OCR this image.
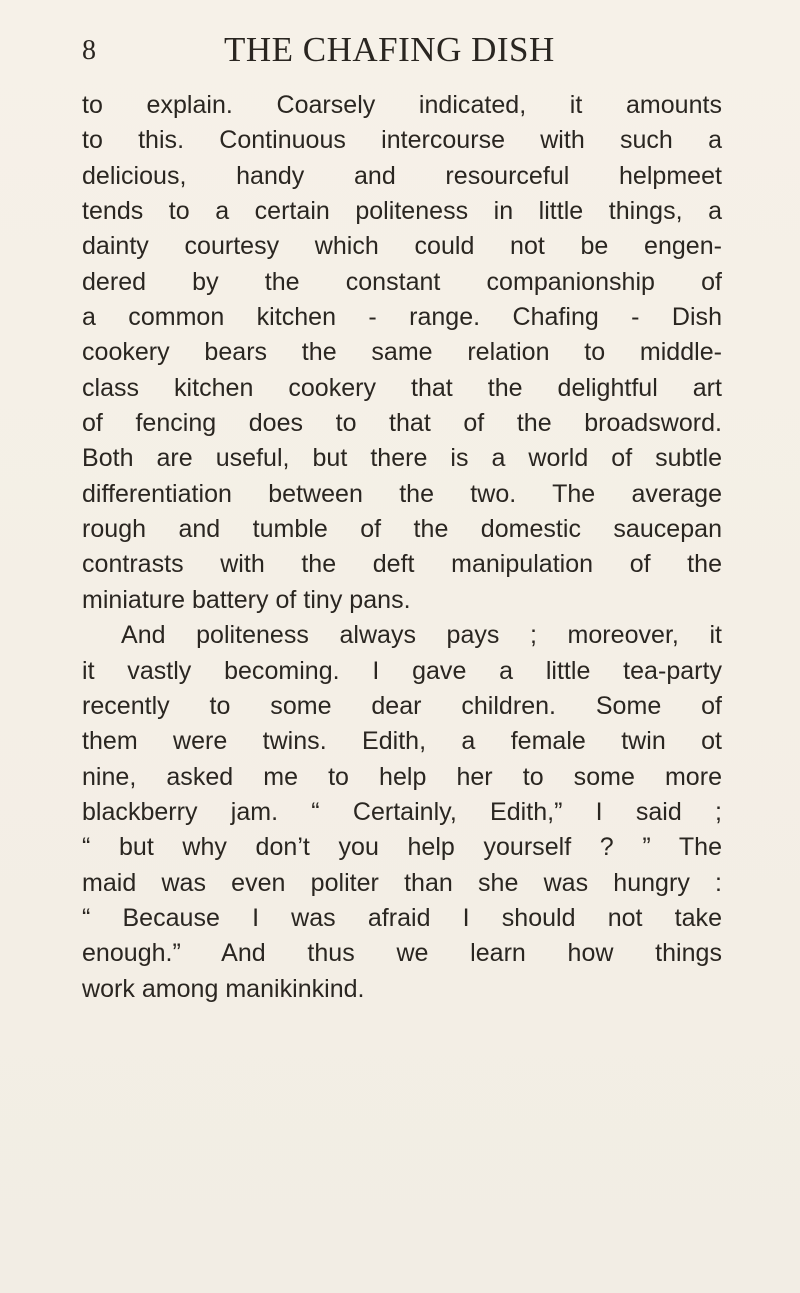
8	THE CHAFING DISH
to explain. Coarsely indicated, it amounts
to this. Continuous intercourse with such a
delicious, handy and resourceful helpmeet
tends to a certain politeness in little things, a
dainty courtesy which could not be engen-
dered by the constant companionship of
a common kitchen - range. Chafing - Dish
cookery bears the same relation to middle-
class kitchen cookery that the delightful art
of fencing does to that of the broadsword.
Both are useful, but there is a world of subtle
differentiation between the two. The average
rough and tumble of the domestic saucepan
contrasts with the deft manipulation of the
miniature battery of tiny pans.
And politeness always pays ; moreover, it
it vastly becoming. I gave a little tea-party
recently to some dear children. Some of
them were twins. Edith, a female twin ot
nine, asked me to help her to some more
blackberry jam. “ Certainly, Edith,” I said ;
“ but why don’t you help yourself ? ” The
maid was even politer than she was hungry :
“ Because I was afraid I should not take
enough.” And thus we learn how things
work among manikinkind.
